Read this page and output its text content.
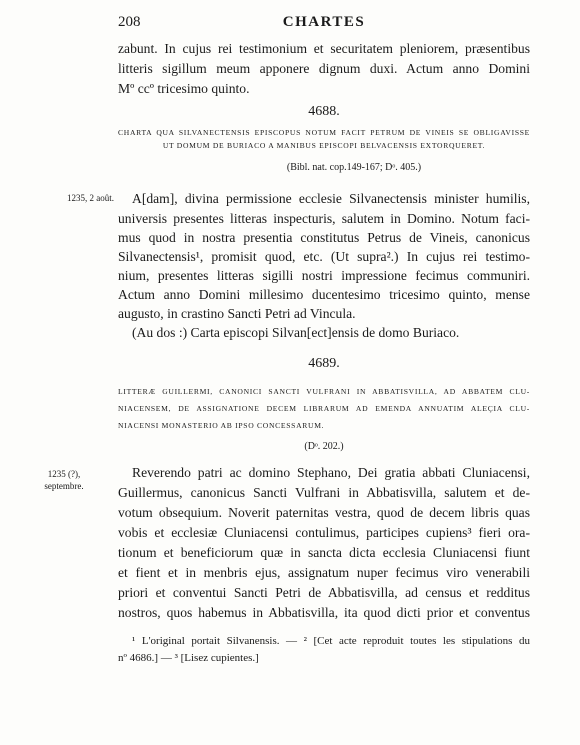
208	CHARTES
zabunt. In cujus rei testimonium et securitatem pleniorem, præsentibus
litteris sigillum meum apponere dignum duxi. Actum anno Domini
Mº ccº tricesimo quinto.
4688.
CHARTA QUA SILVANECTENSIS EPISCOPUS NOTUM FACIT PETRUM DE VINEIS SE OBLIGAVISSE
UT DOMUM DE BURIACO A MANIBUS EPISCOPI BELVACENSIS EXTORQUERET.
(Bibl. nat. cop.149-167; Dᵒ. 405.)
1235, 2 août.	A[dam], divina permissione ecclesie Silvanectensis minister humilis,
universis presentes litteras inspecturis, salutem in Domino. Notum faci-
mus quod in nostra presentia constitutus Petrus de Vineis, canonicus
Silvanectensis¹, promisit quod, etc. (Ut supra².) In cujus rei testimo-
nium, presentes litteras sigilli nostri impressione fecimus communiri.
Actum anno Domini millesimo ducentesimo tricesimo quinto, mense
augusto, in crastino Sancti Petri ad Vincula.
(Au dos :) Carta episcopi Silvan[ect]ensis de domo Buriaco.
4689.
LITTERÆ GUILLERMI, CANONICI SANCTI VULFRANI IN ABBATISVILLA, AD ABBATEM CLU-
NIACENSEM, DE ASSIGNATIONE DECEM LIBRARUM AD EMENDA ANNUATIM ALEÇIA CLU-
NIACENSI MONASTERIO AB IPSO CONCESSARUM.
(Dᵒ. 202.)
1235 (?),
septembre.
Reverendo patri ac domino Stephano, Dei gratia abbati Cluniacensi,
Guillermus, canonicus Sancti Vulfrani in Abbatisvilla, salutem et de-
votum obsequium. Noverit paternitas vestra, quod de decem libris quas
vobis et ecclesiæ Cluniacensi contulimus, participes cupiens³ fieri ora-
tionum et beneficiorum quæ in sancta dicta ecclesia Cluniacensi fiunt
et fient et in menbris ejus, assignatum nuper fecimus viro venerabili
priori et conventui Sancti Petri de Abbatisvilla, ad census et redditus
nostros, quos habemus in Abbatisvilla, ita quod dicti prior et conventus
¹ L'original portait Silvanensis. — ² [Cet acte reproduit toutes les stipulations du
nº 4686.] — ³ [Lisez cupientes.]
